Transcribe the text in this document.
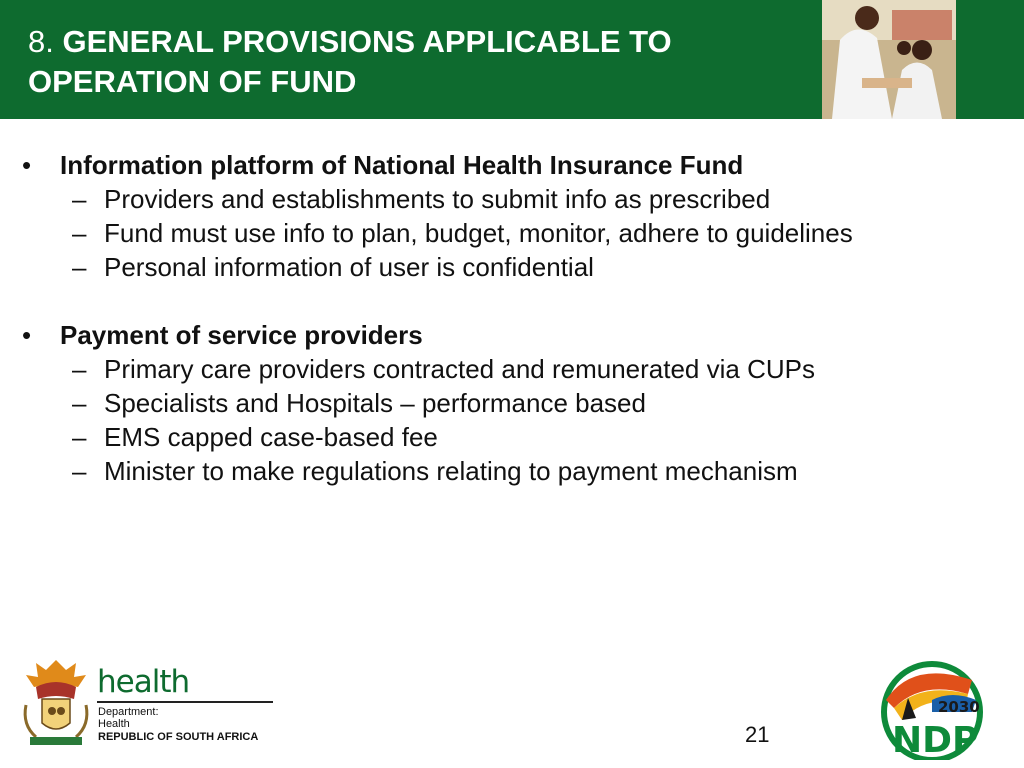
8. GENERAL PROVISIONS APPLICABLE TO
OPERATION OF FUND
• Information platform of National Health Insurance Fund
– Providers and establishments to submit info as prescribed
– Fund must use info to plan, budget, monitor, adhere to guidelines
– Personal information of user is confidential
• Payment of service providers
– Primary care providers contracted and remunerated via CUPs
– Specialists and Hospitals – performance based
– EMS capped case-based fee
– Minister to make regulations relating to payment mechanism
health
Department:
Health
REPUBLIC OF SOUTH AFRICA	21
2030
NDP
